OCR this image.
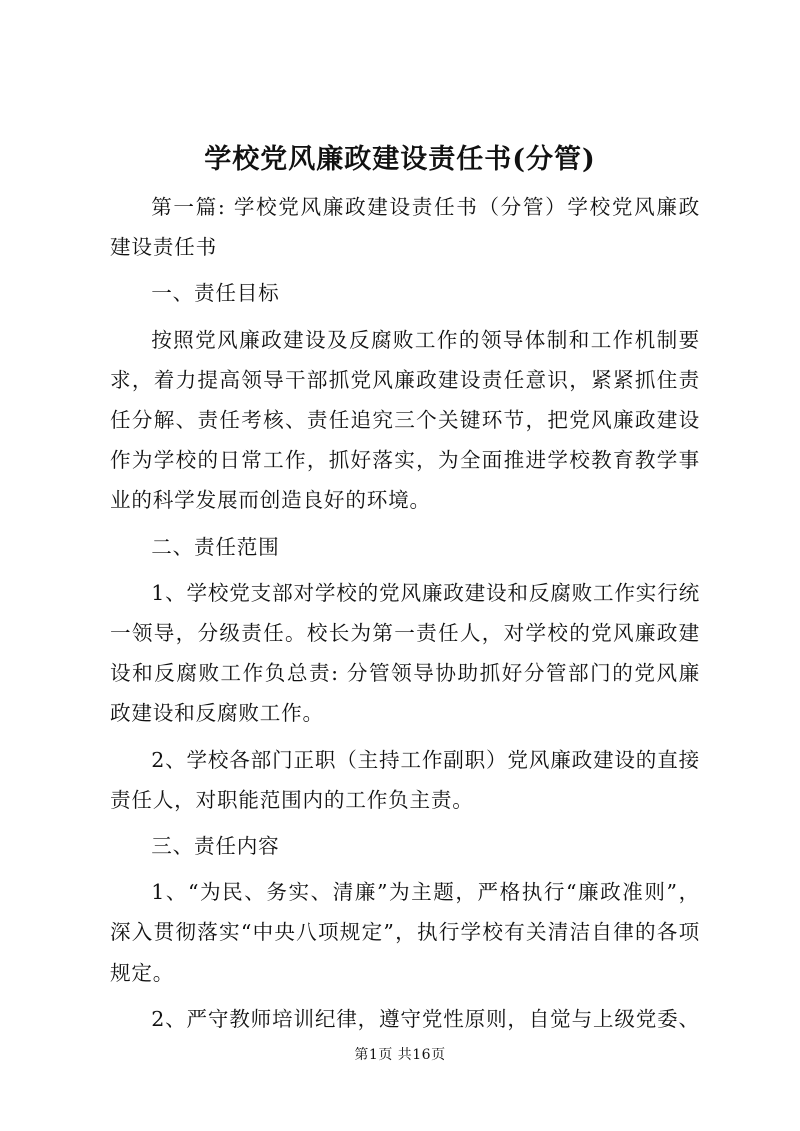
学校党风廉政建设责任书(分管)

第一篇: 学校党风廉政建设责任书（分管）学校党风廉政建设责任书

一、责任目标

按照党风廉政建设及反腐败工作的领导体制和工作机制要求，着力提高领导干部抓党风廉政建设责任意识，紧紧抓住责任分解、责任考核、责任追究三个关键环节，把党风廉政建设作为学校的日常工作，抓好落实，为全面推进学校教育教学事业的科学发展而创造良好的环境。

二、责任范围

1、学校党支部对学校的党风廉政建设和反腐败工作实行统一领导，分级责任。校长为第一责任人，对学校的党风廉政建设和反腐败工作负总责: 分管领导协助抓好分管部门的党风廉政建设和反腐败工作。

2、学校各部门正职（主持工作副职）党风廉政建设的直接责任人，对职能范围内的工作负主责。

三、责任内容

1、“为民、务实、清廉”为主题，严格执行“廉政准则”，深入贯彻落实“中央八项规定”，执行学校有关清洁自律的各项规定。

2、严守教师培训纪律，遵守党性原则，自觉与上级党委、

第1页 共16页
